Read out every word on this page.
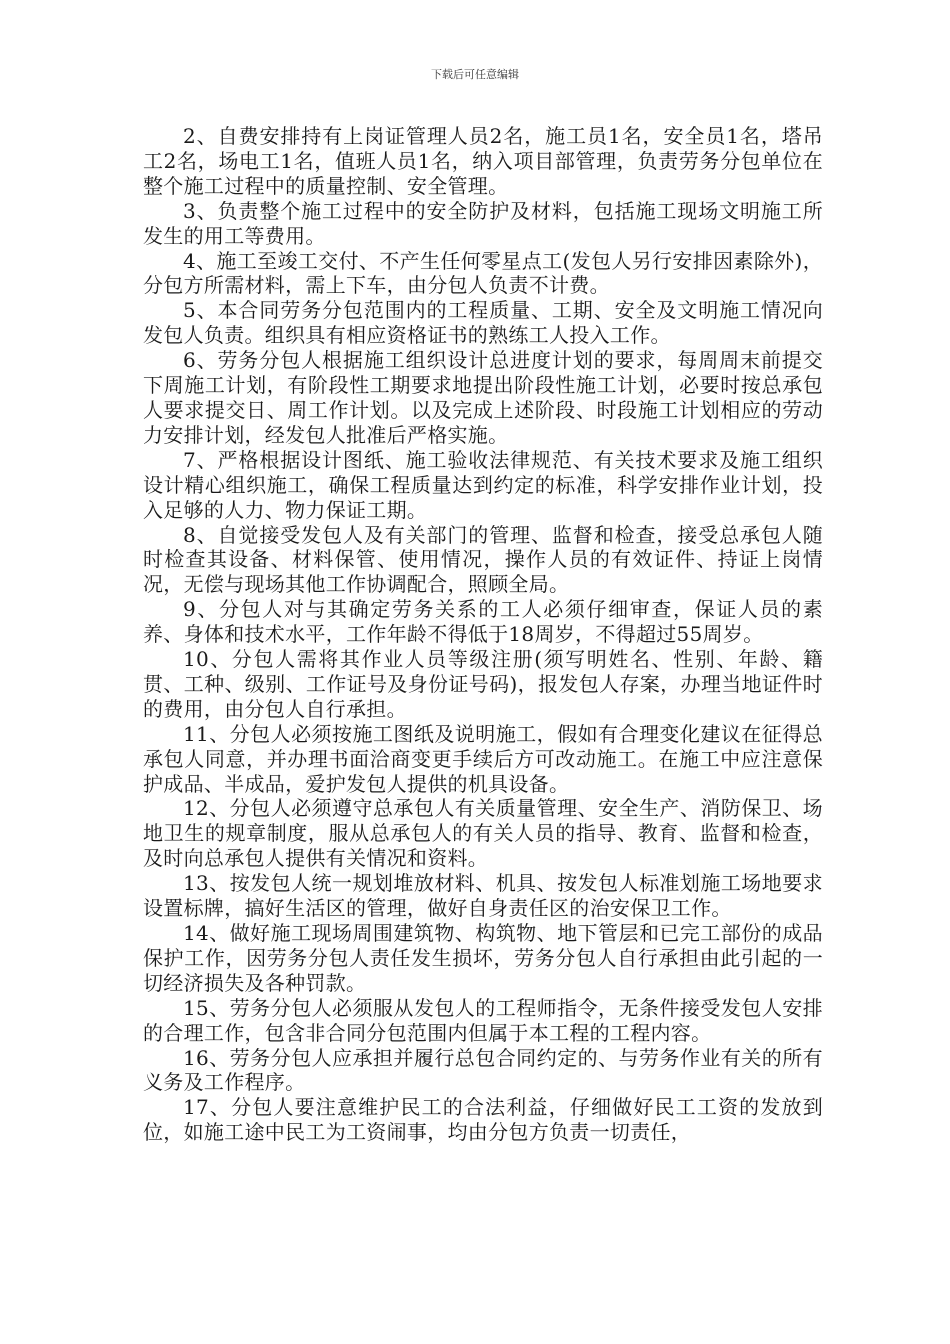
下载后可任意编辑

2、自费安排持有上岗证管理人员2名，施工员1名，安全员1名，塔吊工2名，场电工1名，值班人员1名，纳入项目部管理，负责劳务分包单位在整个施工过程中的质量控制、安全管理。

3、负责整个施工过程中的安全防护及材料，包括施工现场文明施工所发生的用工等费用。

4、施工至竣工交付、不产生任何零星点工(发包人另行安排因素除外)，分包方所需材料，需上下车，由分包人负责不计费。

5、本合同劳务分包范围内的工程质量、工期、安全及文明施工情况向发包人负责。组织具有相应资格证书的熟练工人投入工作。

6、劳务分包人根据施工组织设计总进度计划的要求，每周周末前提交下周施工计划，有阶段性工期要求地提出阶段性施工计划，必要时按总承包人要求提交日、周工作计划。以及完成上述阶段、时段施工计划相应的劳动力安排计划，经发包人批准后严格实施。

7、严格根据设计图纸、施工验收法律规范、有关技术要求及施工组织设计精心组织施工，确保工程质量达到约定的标准，科学安排作业计划，投入足够的人力、物力保证工期。

8、自觉接受发包人及有关部门的管理、监督和检查，接受总承包人随时检查其设备、材料保管、使用情况，操作人员的有效证件、持证上岗情况，无偿与现场其他工作协调配合，照顾全局。

9、分包人对与其确定劳务关系的工人必须仔细审查，保证人员的素养、身体和技术水平，工作年龄不得低于18周岁，不得超过55周岁。

10、分包人需将其作业人员等级注册(须写明姓名、性别、年龄、籍贯、工种、级别、工作证号及身份证号码)，报发包人存案，办理当地证件时的费用，由分包人自行承担。

11、分包人必须按施工图纸及说明施工，假如有合理变化建议在征得总承包人同意，并办理书面洽商变更手续后方可改动施工。在施工中应注意保护成品、半成品，爱护发包人提供的机具设备。

12、分包人必须遵守总承包人有关质量管理、安全生产、消防保卫、场地卫生的规章制度，服从总承包人的有关人员的指导、教育、监督和检查，及时向总承包人提供有关情况和资料。

13、按发包人统一规划堆放材料、机具、按发包人标准划施工场地要求设置标牌，搞好生活区的管理，做好自身责任区的治安保卫工作。

14、做好施工现场周围建筑物、构筑物、地下管层和已完工部份的成品保护工作，因劳务分包人责任发生损坏，劳务分包人自行承担由此引起的一切经济损失及各种罚款。

15、劳务分包人必须服从发包人的工程师指令，无条件接受发包人安排的合理工作，包含非合同分包范围内但属于本工程的工程内容。

16、劳务分包人应承担并履行总包合同约定的、与劳务作业有关的所有义务及工作程序。

17、分包人要注意维护民工的合法利益，仔细做好民工工资的发放到位，如施工途中民工为工资闹事，均由分包方负责一切责任，
